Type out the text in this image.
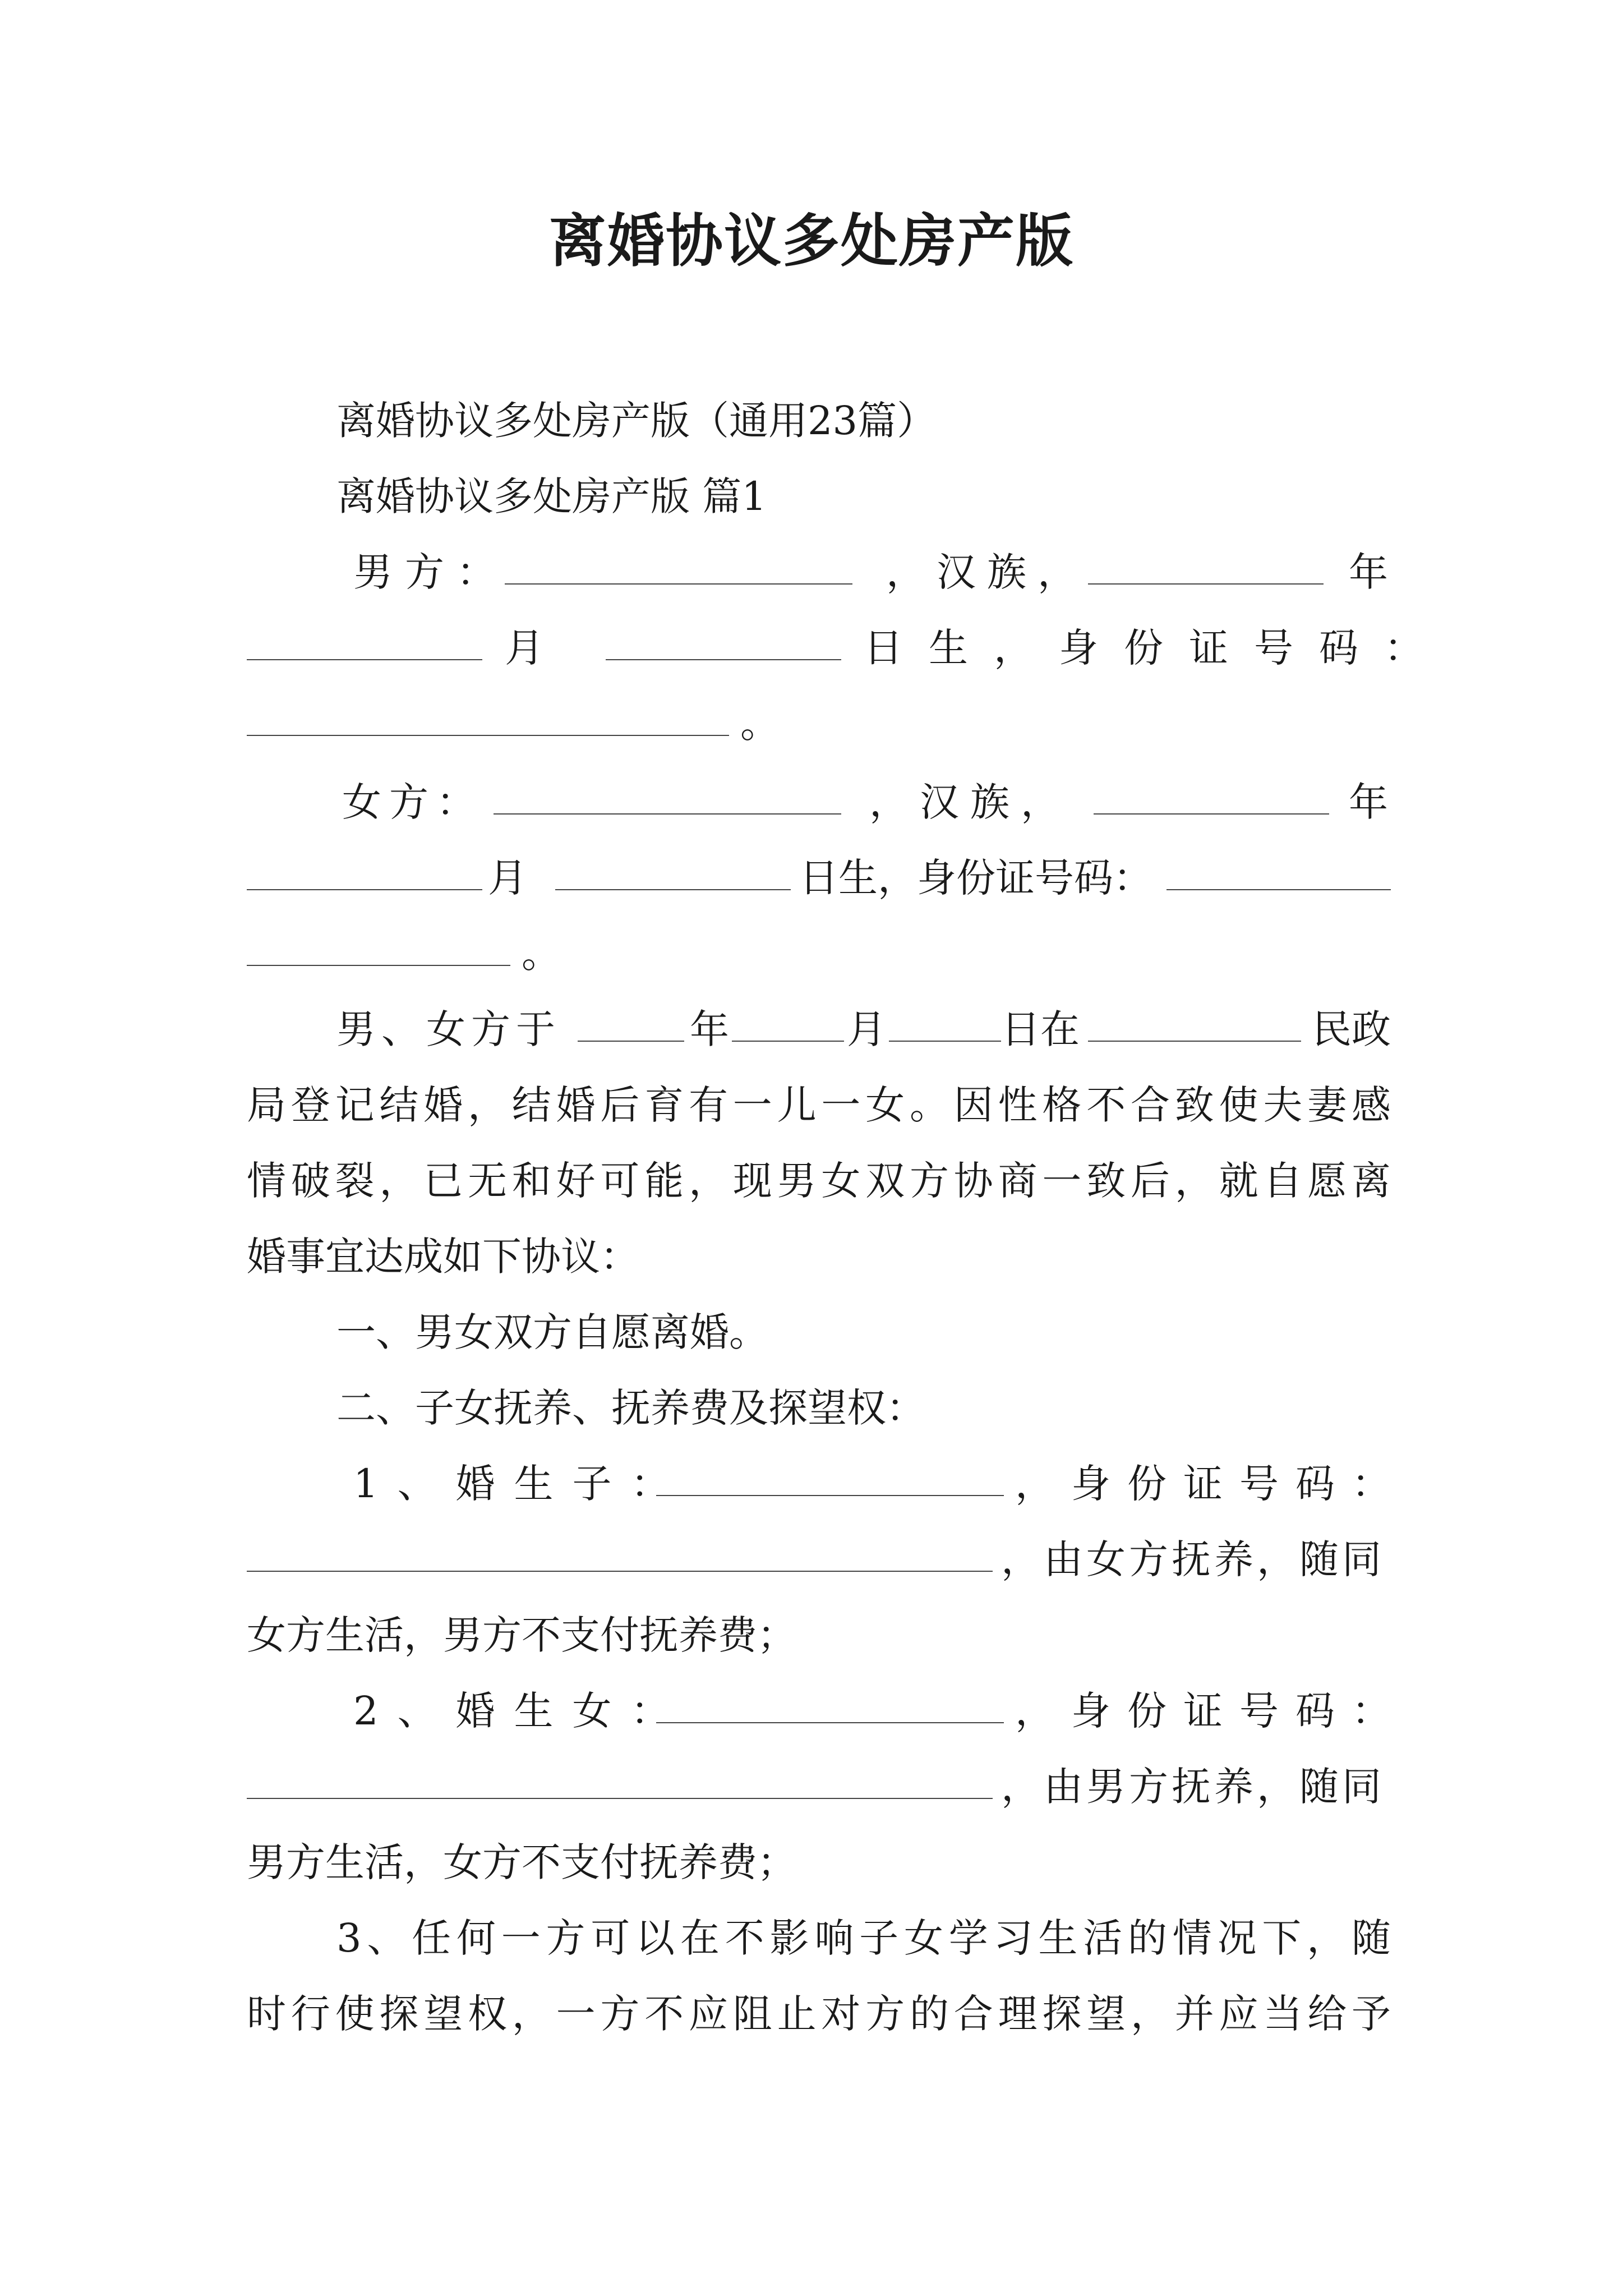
离婚协议多处房产版
离婚协议多处房产版（通用23篇）
离婚协议多处房产版 篇1
男方：	，汉族，	年
月	日生，身份证号码：
。
女方：	，汉族，	年
月	日生，身份证号码：
。
男、女方于	年	月	日在	民政
局登记结婚，结婚后育有一儿一女。因性格不合致使夫妻感
情破裂，已无和好可能，现男女双方协商一致后，就自愿离
婚事宜达成如下协议：
一、男女双方自愿离婚。
二、子女抚养、抚养费及探望权：
1、婚生子：	，身份证号码：
，由女方抚养，随同
女方生活，男方不支付抚养费；
2、婚生女：	，身份证号码：
，由男方抚养，随同
男方生活，女方不支付抚养费；
3、任何一方可以在不影响子女学习生活的情况下，随
时行使探望权，一方不应阻止对方的合理探望，并应当给予
